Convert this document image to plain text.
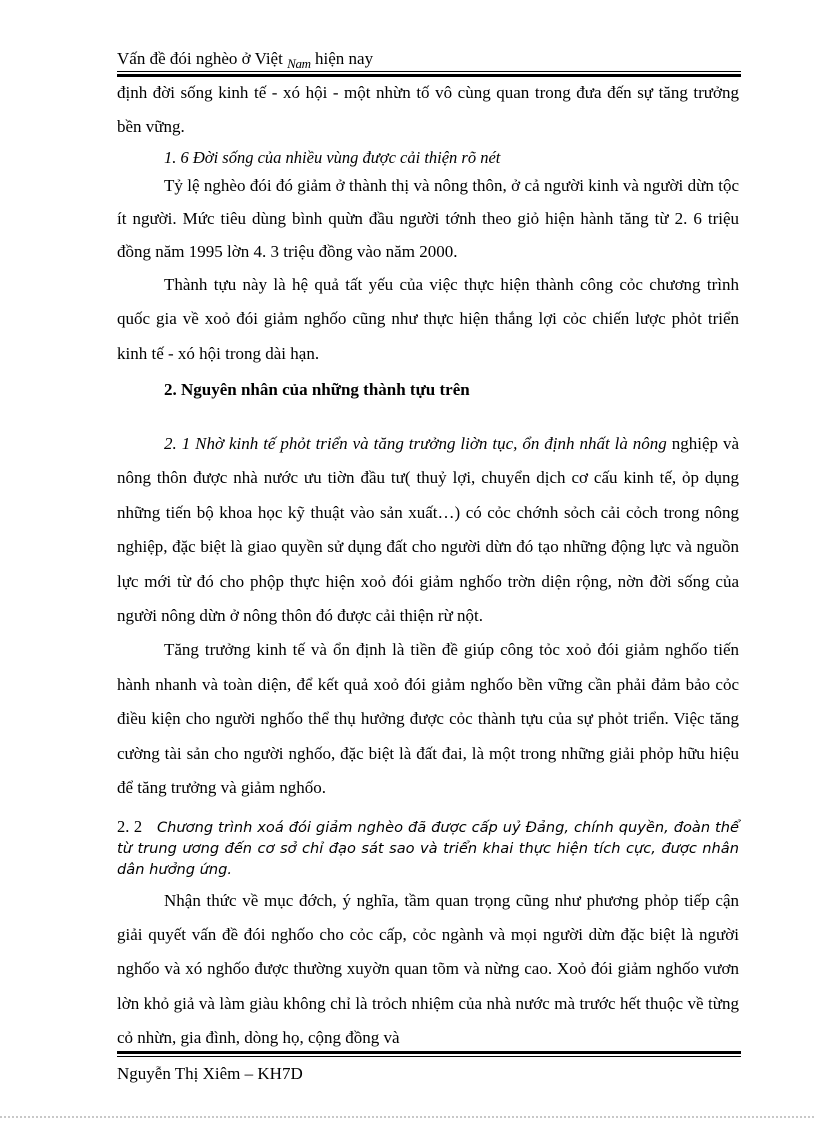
Vấn đề đói nghèo ở Việt Nam hiện nay

định đời sống kinh tế - xó hội - một nhừn tố vô cùng quan trong đưa đến sự tăng trưởng bền vững.

1. 6 Đời sống của nhiều vùng được cải thiện rõ nét

Tỷ lệ nghèo đói đó giảm ở thành thị và nông thôn, ở cả người kinh và người dừn tộc ít người. Mức tiêu dùng bình quừn đầu người tớnh theo giỏ hiện hành tăng từ 2. 6 triệu đồng năm 1995 lờn 4. 3 triệu đồng vào năm 2000.

Thành tựu này là hệ quả tất yếu của việc thực hiện thành công cỏc chương trình quốc gia về xoỏ đói giảm nghốo cũng như thực hiện thắng lợi cỏc chiến lược phỏt triển kinh tế - xó hội trong dài hạn.

2. Nguyên nhân của những thành tựu trên

2. 1 Nhờ kinh tế phỏt triển và tăng trưởng liờn tục, ổn định nhất là nông nghiệp và nông thôn được nhà nước ưu tiờn đầu tư( thuỷ lợi, chuyển dịch cơ cấu kinh tế, ỏp dụng những tiến bộ khoa học kỹ thuật vào sản xuất…) có cỏc chớnh sỏch cải cỏch trong nông nghiệp, đặc biệt là giao quyền sử dụng đất cho người dừn đó tạo những động lực và nguồn lực mới từ đó cho phộp thực hiện xoỏ đói giảm nghốo trờn diện rộng, nờn đời sống của người nông dừn ở nông thôn đó được cải thiện rừ nột.

Tăng trưởng kinh tế và ổn định là tiền đề giúp công tỏc xoỏ đói giảm nghốo tiến hành nhanh và toàn diện, để kết quả xoỏ đói giảm nghốo bền vững cần phải đảm bảo cỏc điều kiện cho người nghốo thể thụ hưởng được cỏc thành tựu của sự phỏt triển. Việc tăng cường tài sản cho người nghốo, đặc biệt là đất đai, là một trong những giải phỏp hữu hiệu để tăng trưởng và giảm nghốo.

2. 2 Chương trình xoá đói giảm nghèo đã được cấp uỷ Đảng, chính quyền, đoàn thể từ trung ương đến cơ sở chỉ đạo sát sao và triển khai thực hiện tích cực, được nhân dân hưởng ứng.

Nhận thức về mục đớch, ý nghĩa, tầm quan trọng cũng như phương phỏp tiếp cận giải quyết vấn đề đói nghốo cho cỏc cấp, cỏc ngành và mọi người dừn đặc biệt là người nghốo và xó nghốo được thường xuyờn quan tõm và nừng cao. Xoỏ đói giảm nghốo vươn lờn khỏ giả và làm giàu không chỉ là trỏch nhiệm của nhà nước mà trước hết thuộc về từng cỏ nhừn, gia đình, dòng họ, cộng đồng và

Nguyễn Thị Xiêm – KH7D
